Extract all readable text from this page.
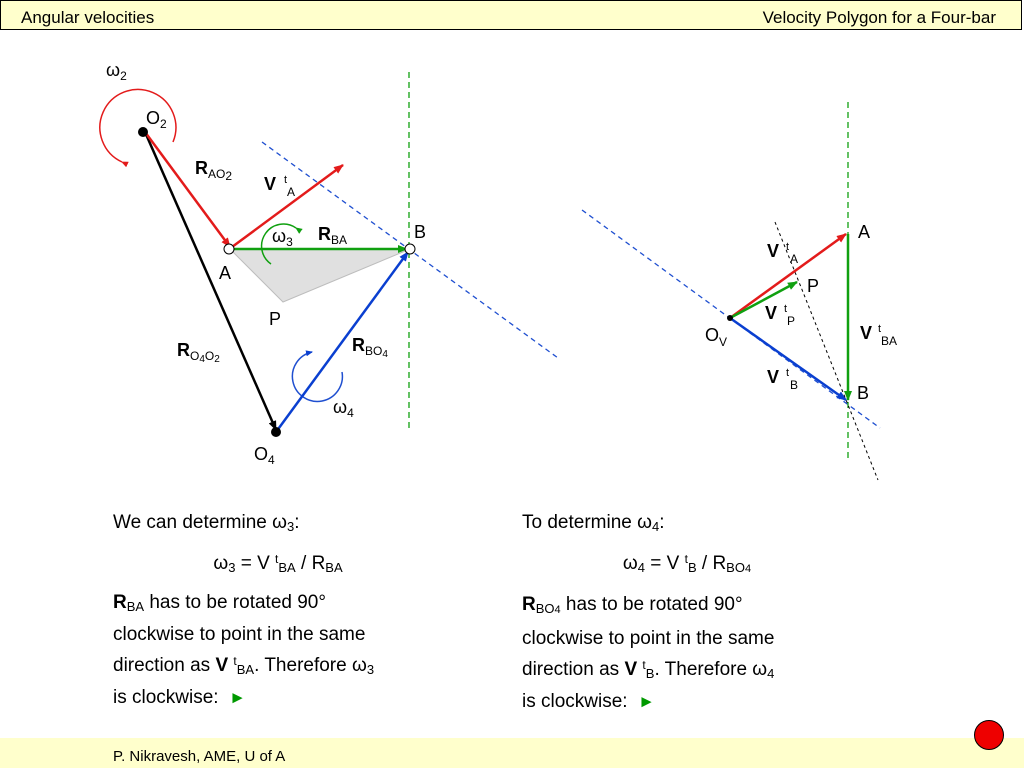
Angular velocities	Velocity Polygon for a Four-bar
$\omega_2$
$O_2$
$R_{AO}2$ VtA
$\omega_3$ $R_{BA}$	B
A
P
$R_O4O2$
$R_{BO}4$
$\omega_4$
$O_4$
A
VtA
P
VtP
$O_V$	VtBA
VtB	B
We can determine $\omega_3$:
$\omega_3 = V$ $^t_{BA} / R_{BA}$
$R_{BA}$ has to be rotated 90°
clockwise to point in the same
direction as V $^t_{BA}$. Therefore $\omega_3$
is clockwise: ►
To determine $\omega_4$:
$\omega_4 = V$ $^t_B / R_{BO4}$
$R_{BO4}$ has to be rotated 90°
clockwise to point in the same
direction as V $^t_B$. Therefore $\omega_4$
is clockwise: ►
P. Nikravesh, AME, U of A
